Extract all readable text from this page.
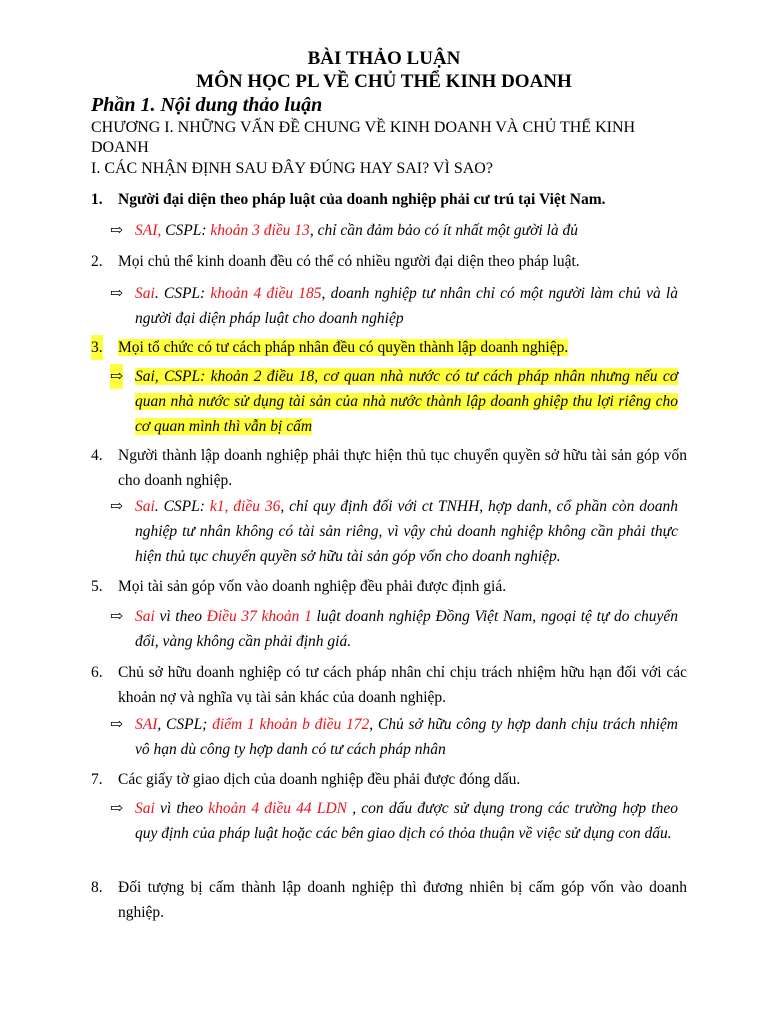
BÀI THẢO LUẬN
MÔN HỌC PL VỀ CHỦ THỂ KINH DOANH
Phần 1. Nội dung thảo luận
CHƯƠNG I. NHỮNG VẤN ĐỀ CHUNG VỀ KINH DOANH VÀ CHỦ THỂ KINH DOANH
I. CÁC NHẬN ĐỊNH SAU ĐÂY ĐÚNG HAY SAI? VÌ SAO?
1. Người đại diện theo pháp luật của doanh nghiệp phải cư trú tại Việt Nam.
⇨ SAI, CSPL: khoản 3 điều 13, chỉ cần đảm bảo có ít nhất một gười là đủ
2. Mọi chủ thể kinh doanh đều có thể có nhiều người đại diện theo pháp luật.
⇨ Sai. CSPL: khoản 4 điều 185, doanh nghiệp tư nhân chỉ có một người làm chủ và là người đại diện pháp luật cho doanh nghiệp
3. Mọi tổ chức có tư cách pháp nhân đều có quyền thành lập doanh nghiệp.
⇨ Sai, CSPL: khoản 2 điều 18, cơ quan nhà nước có tư cách pháp nhân nhưng nếu cơ quan nhà nước sử dụng tài sản của nhà nước thành lập doanh ghiệp thu lợi riêng cho cơ quan mình thì vẫn bị cấm
4. Người thành lập doanh nghiệp phải thực hiện thủ tục chuyển quyền sở hữu tài sản góp vốn cho doanh nghiệp.
⇨ Sai. CSPL: k1, điều 36, chỉ quy định đối với ct TNHH, hợp danh, cổ phần còn doanh nghiệp tư nhân không có tài sản riêng, vì vậy chủ doanh nghiệp không cần phải thực hiện thủ tục chuyển quyền sở hữu tài sản góp vốn cho doanh nghiệp.
5. Mọi tài sản góp vốn vào doanh nghiệp đều phải được định giá.
⇨ Sai vì theo Điều 37 khoản 1 luật doanh nghiệp Đồng Việt Nam, ngoại tệ tự do chuyển đổi, vàng không cần phải định giá.
6. Chủ sở hữu doanh nghiệp có tư cách pháp nhân chỉ chịu trách nhiệm hữu hạn đối với các khoản nợ và nghĩa vụ tài sản khác của doanh nghiệp.
⇨ SAI, CSPL; điểm 1 khoản b điều 172, Chủ sở hữu công ty hợp danh chịu trách nhiệm vô hạn dù công ty hợp danh có tư cách pháp nhân
7. Các giấy tờ giao dịch của doanh nghiệp đều phải được đóng dấu.
⇨ Sai vì theo khoản 4 điều 44 LDN , con dấu được sử dụng trong các trường hợp theo quy định của pháp luật hoặc các bên giao dịch có thỏa thuận về việc sử dụng con dấu.
8. Đối tượng bị cấm thành lập doanh nghiệp thì đương nhiên bị cấm góp vốn vào doanh nghiệp.
